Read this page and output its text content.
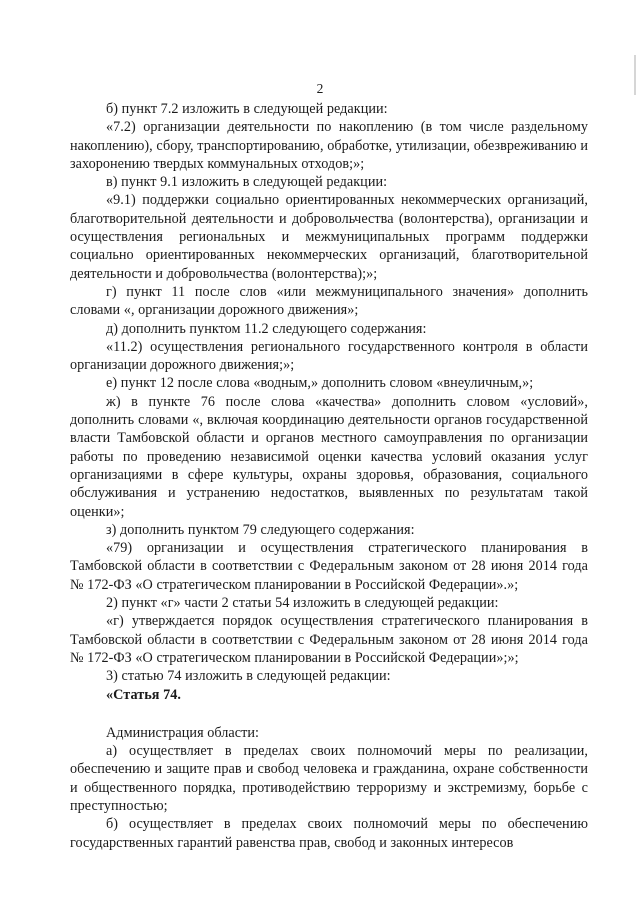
2

б) пункт 7.2 изложить в следующей редакции:

«7.2) организации деятельности по накоплению (в том числе раздельному накоплению), сбору, транспортированию, обработке, утилизации, обезвреживанию и захоронению твердых коммунальных отходов;»;

в) пункт 9.1 изложить в следующей редакции:

«9.1) поддержки социально ориентированных некоммерческих организаций, благотворительной деятельности и добровольчества (волонтерства), организации и осуществления региональных и межмуниципальных программ поддержки социально ориентированных некоммерческих организаций, благотворительной деятельности и добровольчества (волонтерства);»;

г) пункт 11 после слов «или межмуниципального значения» дополнить словами «, организации дорожного движения»;

д) дополнить пунктом 11.2 следующего содержания:

«11.2) осуществления регионального государственного контроля в области организации дорожного движения;»;

е) пункт 12 после слова «водным,» дополнить словом «внеуличным,»;

ж) в пункте 76 после слова «качества» дополнить словом «условий», дополнить словами «, включая координацию деятельности органов государственной власти Тамбовской области и органов местного самоуправления по организации работы по проведению независимой оценки качества условий оказания услуг организациями в сфере культуры, охраны здоровья, образования, социального обслуживания и устранению недостатков, выявленных по результатам такой оценки»;

з) дополнить пунктом 79 следующего содержания:

«79) организации и осуществления стратегического планирования в Тамбовской области в соответствии с Федеральным законом от 28 июня 2014 года № 172-ФЗ «О стратегическом планировании в Российской Федерации».»;

2) пункт «г» части 2 статьи 54 изложить в следующей редакции:

«г) утверждается порядок осуществления стратегического планирования в Тамбовской области в соответствии с Федеральным законом от 28 июня 2014 года № 172-ФЗ «О стратегическом планировании в Российской Федерации»;»;

3) статью 74 изложить в следующей редакции:

«Статья 74.

Администрация области:

а) осуществляет в пределах своих полномочий меры по реализации, обеспечению и защите прав и свобод человека и гражданина, охране собственности и общественного порядка, противодействию терроризму и экстремизму, борьбе с преступностью;

б) осуществляет в пределах своих полномочий меры по обеспечению государственных гарантий равенства прав, свобод и законных интересов
